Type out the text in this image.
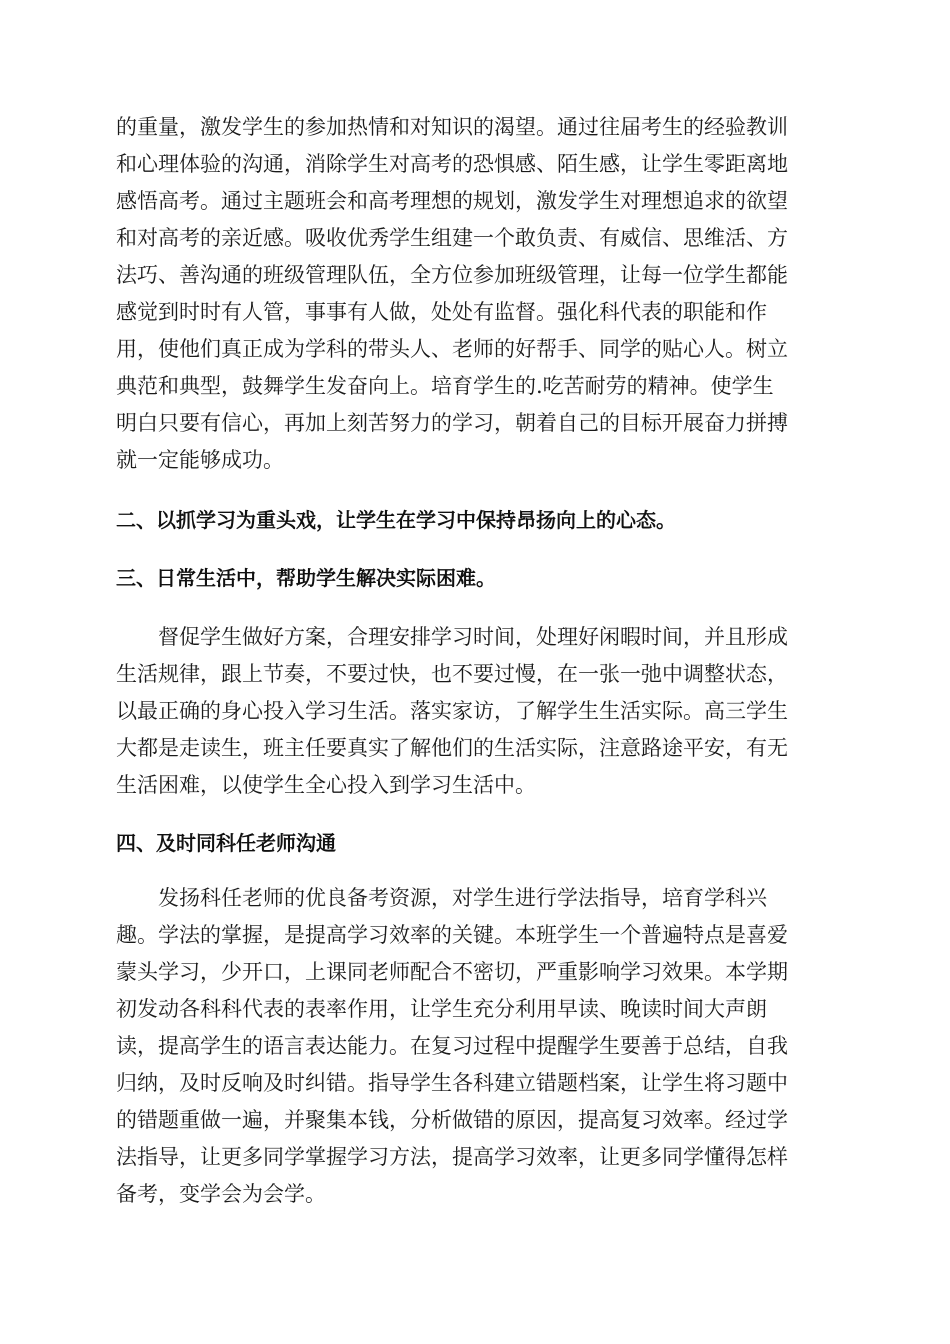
的重量，激发学生的参加热情和对知识的渴望。通过往届考生的经验教训
和心理体验的沟通，消除学生对高考的恐惧感、陌生感，让学生零距离地
感悟高考。通过主题班会和高考理想的规划，激发学生对理想追求的欲望
和对高考的亲近感。吸收优秀学生组建一个敢负责、有威信、思维活、方
法巧、善沟通的班级管理队伍，全方位参加班级管理，让每一位学生都能
感觉到时时有人管，事事有人做，处处有监督。强化科代表的职能和作
用，使他们真正成为学科的带头人、老师的好帮手、同学的贴心人。树立
典范和典型，鼓舞学生发奋向上。培育学生的.吃苦耐劳的精神。使学生
明白只要有信心，再加上刻苦努力的学习，朝着自己的目标开展奋力拼搏
就一定能够成功。
二、以抓学习为重头戏，让学生在学习中保持昂扬向上的心态。
三、日常生活中，帮助学生解决实际困难。
督促学生做好方案，合理安排学习时间，处理好闲暇时间，并且形成
生活规律，跟上节奏，不要过快，也不要过慢，在一张一弛中调整状态，
以最正确的身心投入学习生活。落实家访，了解学生生活实际。高三学生
大都是走读生，班主任要真实了解他们的生活实际，注意路途平安，有无
生活困难，以使学生全心投入到学习生活中。
四、及时同科任老师沟通
发扬科任老师的优良备考资源，对学生进行学法指导，培育学科兴
趣。学法的掌握，是提高学习效率的关键。本班学生一个普遍特点是喜爱
蒙头学习，少开口，上课同老师配合不密切，严重影响学习效果。本学期
初发动各科科代表的表率作用，让学生充分利用早读、晚读时间大声朗
读，提高学生的语言表达能力。在复习过程中提醒学生要善于总结，自我
归纳，及时反响及时纠错。指导学生各科建立错题档案，让学生将习题中
的错题重做一遍，并聚集本钱，分析做错的原因，提高复习效率。经过学
法指导，让更多同学掌握学习方法，提高学习效率，让更多同学懂得怎样
备考，变学会为会学。
